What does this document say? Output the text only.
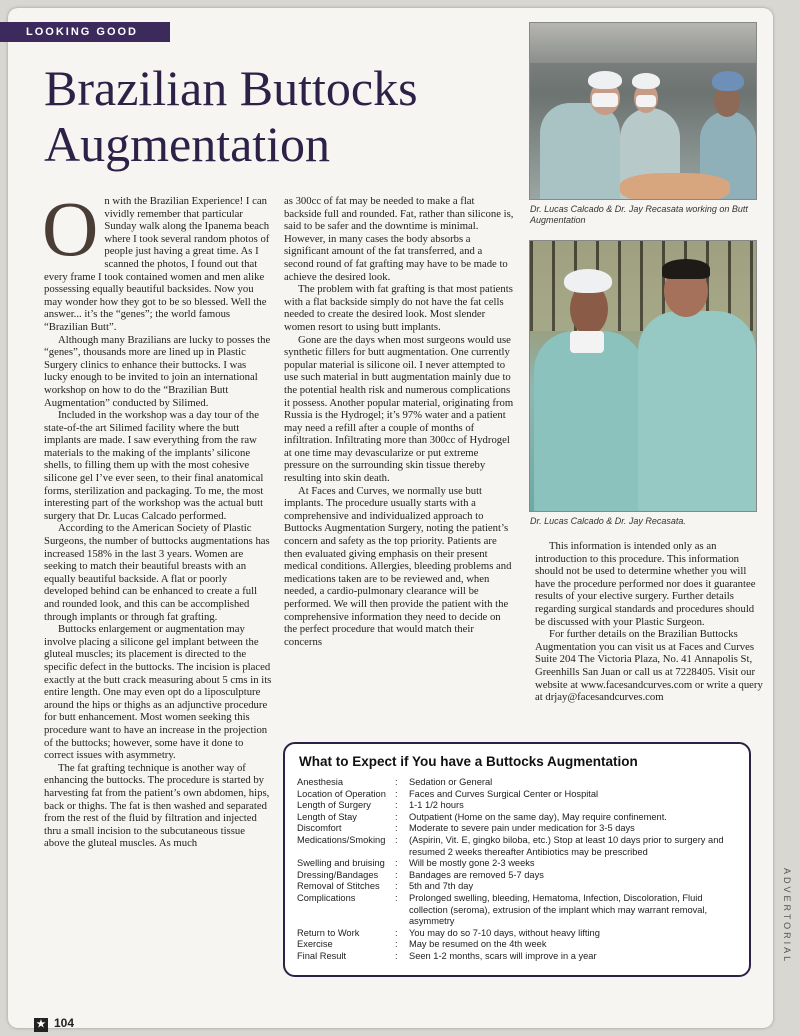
LOOKING GOOD
Brazilian Buttocks Augmentation

On with the Brazilian Experience! I can vividly remember that particular Sunday walk along the Ipanema beach where I took several random photos of people just having a great time. As I scanned the photos, I found out that every frame I took contained women and men alike possessing equally beautiful backsides. Now you may wonder how they got to be so blessed. Well the answer... it’s the “genes”; the world famous “Brazilian Butt”.

Although many Brazilians are lucky to posses the “genes”, thousands more are lined up in Plastic Surgery clinics to enhance their buttocks. I was lucky enough to be invited to join an international workshop on how to do the “Brazilian Butt Augmentation” conducted by Silimed.

Included in the workshop was a day tour of the state-of-the art Silimed facility where the butt implants are made. I saw everything from the raw materials to the making of the implants’ silicone shells, to filling them up with the most cohesive silicone gel I’ve ever seen, to their final anatomical forms, sterilization and packaging. To me, the most interesting part of the workshop was the actual butt surgery that Dr. Lucas Calcado performed.

According to the American Society of Plastic Surgeons, the number of buttocks augmentations has increased 158% in the last 3 years. Women are seeking to match their beautiful breasts with an equally beautiful backside. A flat or poorly developed behind can be enhanced to create a full and rounded look, and this can be accomplished through implants or through fat grafting.

Buttocks enlargement or augmentation may involve placing a silicone gel implant between the gluteal muscles; its placement is directed to the specific defect in the buttocks. The incision is placed exactly at the butt crack measuring about 5 cms in its entire length. One may even opt do a liposculpture around the hips or thighs as an adjunctive procedure for butt enhancement. Most women seeking this procedure want to have an increase in the projection of the buttocks; however, some have it done to correct issues with asymmetry.

The fat grafting technique is another way of enhancing the buttocks. The procedure is started by harvesting fat from the patient’s own abdomen, hips, back or thighs. The fat is then washed and separated from the rest of the fluid by filtration and injected thru a small incision to the subcutaneous tissue above the gluteal muscles. As much

as 300cc of fat may be needed to make a flat backside full and rounded. Fat, rather than silicone is, said to be safer and the downtime is minimal. However, in many cases the body absorbs a significant amount of the fat transferred, and a second round of fat grafting may have to be made to achieve the desired look.

The problem with fat grafting is that most patients with a flat backside simply do not have the fat cells needed to create the desired look. Most slender women resort to using butt implants.

Gone are the days when most surgeons would use synthetic fillers for butt augmentation. One currently popular material is silicone oil. I never attempted to use such material in butt augmentation mainly due to the potential health risk and numerous complications it possess. Another popular material, originating from Russia is the Hydrogel; it’s 97% water and a patient may need a refill after a couple of months of infiltration. Infiltrating more than 300cc of Hydrogel at one time may devascularize or put extreme pressure on the surrounding skin tissue thereby resulting into skin death.

At Faces and Curves, we normally use butt implants. The procedure usually starts with a comprehensive and individualized approach to Buttocks Augmentation Surgery, noting the patient’s concern and safety as the top priority. Patients are then evaluated giving emphasis on their present medical conditions. Allergies, bleeding problems and medications taken are to be reviewed and, when needed, a cardio-pulmonary clearance will be performed. We will then provide the patient with the comprehensive information they need to decide on the perfect procedure that would match their concerns

Dr. Lucas Calcado & Dr. Jay Recasata working on Butt Augmentation
Dr. Lucas Calcado & Dr. Jay Recasata.

This information is intended only as an introduction to this procedure. This information should not be used to determine whether you will have the procedure performed nor does it guarantee results of your elective surgery. Further details regarding surgical standards and procedures should be discussed with your Plastic Surgeon.

For further details on the Brazilian Buttocks Augmentation you can visit us at Faces and Curves Suite 204 The Victoria Plaza, No. 41 Annapolis St, Greenhills San Juan or call us at 7228405. Visit our website at www.facesandcurves.com or write a query at drjay@facesandcurves.com

What to Expect if You have a Buttocks Augmentation
Anesthesia	:	Sedation or General
Location of Operation :	Faces and Curves Surgical Center or Hospital
Length of Surgery	:	1-1 1/2 hours
Length of Stay	:	Outpatient (Home on the same day), May require confinement.
Discomfort	:	Moderate to severe pain under medication for 3-5 days
Medications/Smoking	:	(Aspirin, Vit. E, gingko biloba, etc.) Stop at least 10 days prior to surgery and resumed 2 weeks thereafter Antibiotics may be prescribed
Swelling and bruising	:	Will be mostly gone 2-3 weeks
Dressing/Bandages	:	Bandages are removed 5-7 days
Removal of Stitches	:	5th and 7th day
Complications	:	Prolonged swelling, bleeding, Hematoma, Infection, Discoloration, Fluid collection (seroma), extrusion of the implant which may warrant removal, asymmetry
Return to Work	:	You may do so 7-10 days, without heavy lifting
Exercise	:	May be resumed on the 4th week
Final Result	:	Seen 1-2 months, scars will improve in a year	ADVERTORIAL
★ 104
